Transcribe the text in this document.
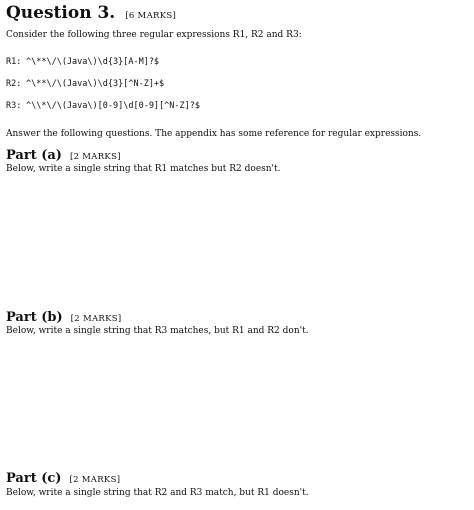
Question 3. [6 MARKS]
Consider the following three regular expressions R1, R2 and R3:
R1: ^\**\/\(Java\)\d{3}[A-M]?$
R2: ^\**\/\(Java\)\d{3}[^N-Z]+$
R3: ^\\*\/\(Java\)[0-9]\d[0-9][^N-Z]?$
Answer the following questions. The appendix has some reference for regular expressions.
Part (a) [2 MARKS]
Below, write a single string that R1 matches but R2 doesn't.
Part (b) [2 MARKS]
Below, write a single string that R3 matches, but R1 and R2 don't.
Part (c) [2 MARKS]
Below, write a single string that R2 and R3 match, but R1 doesn't.
